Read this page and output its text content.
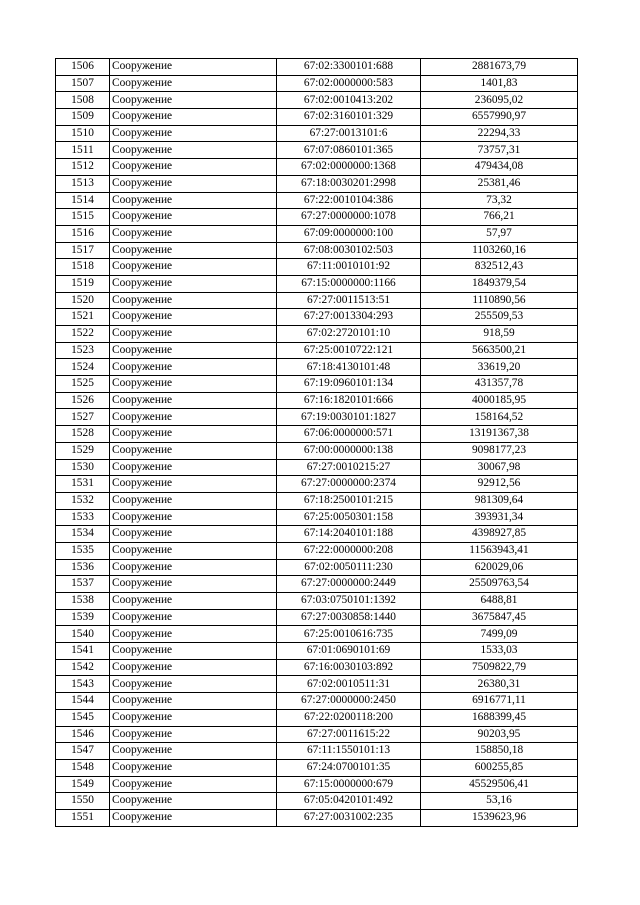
1506	Сооружение	67:02:3300101:688	2881673,79
1507	Сооружение	67:02:0000000:583	1401,83
1508	Сооружение	67:02:0010413:202	236095,02
1509	Сооружение	67:02:3160101:329	6557990,97
1510	Сооружение	67:27:0013101:6	22294,33
1511	Сооружение	67:07:0860101:365	73757,31
1512	Сооружение	67:02:0000000:1368	479434,08
1513	Сооружение	67:18:0030201:2998	25381,46
1514	Сооружение	67:22:0010104:386	73,32
1515	Сооружение	67:27:0000000:1078	766,21
1516	Сооружение	67:09:0000000:100	57,97
1517	Сооружение	67:08:0030102:503	1103260,16
1518	Сооружение	67:11:0010101:92	832512,43
1519	Сооружение	67:15:0000000:1166	1849379,54
1520	Сооружение	67:27:0011513:51	1110890,56
1521	Сооружение	67:27:0013304:293	255509,53
1522	Сооружение	67:02:2720101:10	918,59
1523	Сооружение	67:25:0010722:121	5663500,21
1524	Сооружение	67:18:4130101:48	33619,20
1525	Сооружение	67:19:0960101:134	431357,78
1526	Сооружение	67:16:1820101:666	4000185,95
1527	Сооружение	67:19:0030101:1827	158164,52
1528	Сооружение	67:06:0000000:571	13191367,38
1529	Сооружение	67:00:0000000:138	9098177,23
1530	Сооружение	67:27:0010215:27	30067,98
1531	Сооружение	67:27:0000000:2374	92912,56
1532	Сооружение	67:18:2500101:215	981309,64
1533	Сооружение	67:25:0050301:158	393931,34
1534	Сооружение	67:14:2040101:188	4398927,85
1535	Сооружение	67:22:0000000:208	11563943,41
1536	Сооружение	67:02:0050111:230	620029,06
1537	Сооружение	67:27:0000000:2449	25509763,54
1538	Сооружение	67:03:0750101:1392	6488,81
1539	Сооружение	67:27:0030858:1440	3675847,45
1540	Сооружение	67:25:0010616:735	7499,09
1541	Сооружение	67:01:0690101:69	1533,03
1542	Сооружение	67:16:0030103:892	7509822,79
1543	Сооружение	67:02:0010511:31	26380,31
1544	Сооружение	67:27:0000000:2450	6916771,11
1545	Сооружение	67:22:0200118:200	1688399,45
1546	Сооружение	67:27:0011615:22	90203,95
1547	Сооружение	67:11:1550101:13	158850,18
1548	Сооружение	67:24:0700101:35	600255,85
1549	Сооружение	67:15:0000000:679	45529506,41
1550	Сооружение	67:05:0420101:492	53,16
1551	Сооружение	67:27:0031002:235	1539623,96
